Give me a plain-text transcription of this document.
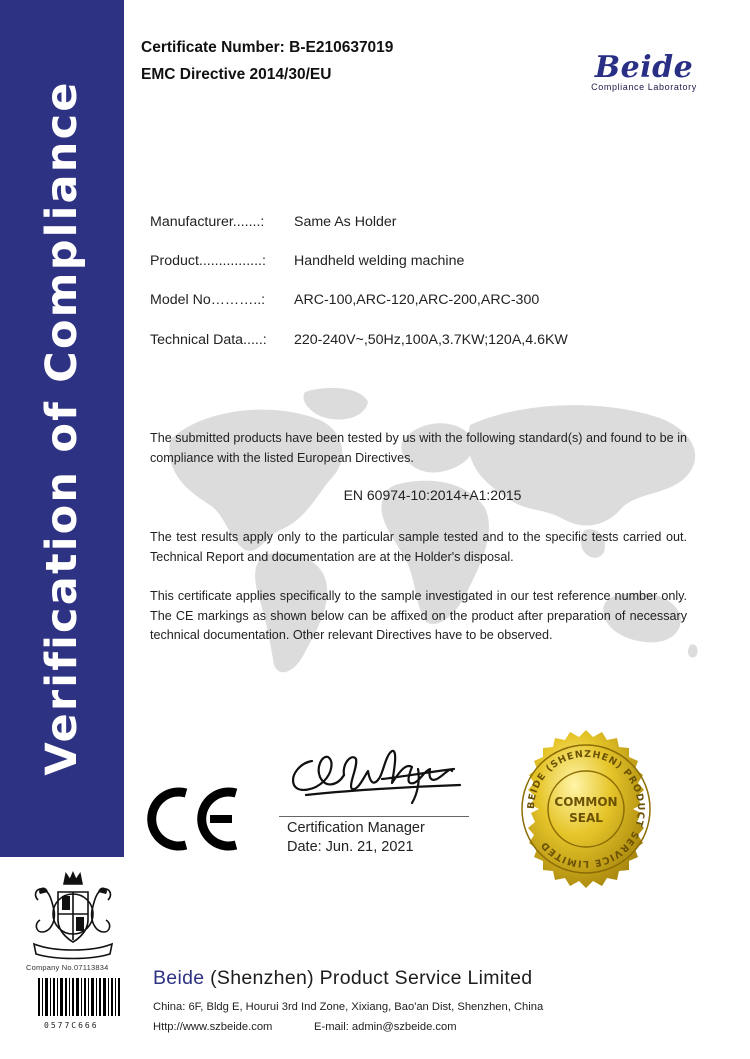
Verification of Compliance
Certificate Number: B-E210637019
EMC Directive 2014/30/EU	Beide
Compliance Laboratory
Manufacturer.......: Same As Holder
Product................: Handheld welding machine
Model No………..: ARC-100,ARC-120,ARC-200,ARC-300
Technical Data.....: 220-240V~,50Hz,100A,3.7KW;120A,4.6KW
The submitted products have been tested by us with the following standard(s) and found to be in compliance with the listed European Directives.
EN 60974-10:2014+A1:2015
The test results apply only to the particular sample tested and to the specific tests carried out. Technical Report and documentation are at the Holder's disposal.
This certificate applies specifically to the sample investigated in our test reference number only. The CE markings as shown below can be affixed on the product after preparation of necessary technical documentation. Other relevant Directives have to be observed.
Certification Manager
Date: Jun. 21, 2021
BEIDE (SHENZHEN) PRODUCT SERVICE LIMITED
COMMON
SEAL
Company No.07113834
0577C666
Beide (Shenzhen) Product Service Limited
China: 6F, Bldg E, Hourui 3rd Ind Zone, Xixiang, Bao'an Dist, Shenzhen, China
Http://www.szbeide.com	E-mail: admin@szbeide.com
